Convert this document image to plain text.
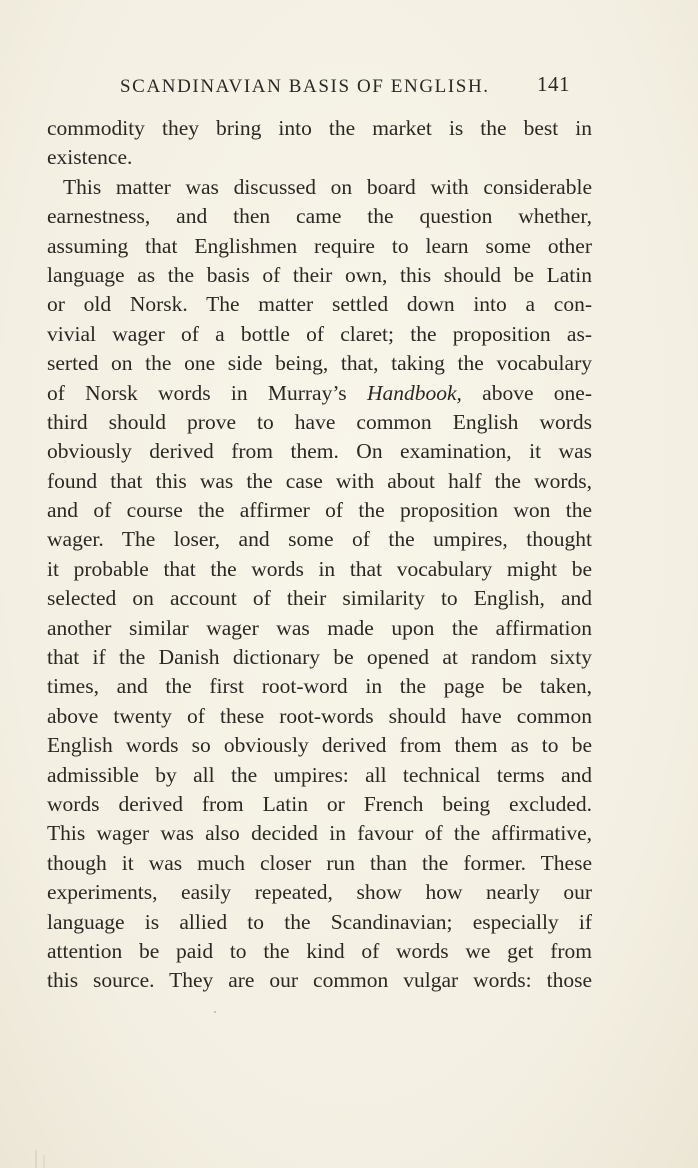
SCANDINAVIAN BASIS OF ENGLISH. 141
commodity they bring into the market is the best in
existence.
This matter was discussed on board with considerable
earnestness, and then came the question whether,
assuming that Englishmen require to learn some other
language as the basis of their own, this should be Latin
or old Norsk. The matter settled down into a con-
vivial wager of a bottle of claret; the proposition as-
serted on the one side being, that, taking the vocabulary
of Norsk words in Murray’s Handbook, above one-
third should prove to have common English words
obviously derived from them. On examination, it was
found that this was the case with about half the words,
and of course the affirmer of the proposition won the
wager. The loser, and some of the umpires, thought
it probable that the words in that vocabulary might be
selected on account of their similarity to English, and
another similar wager was made upon the affirmation
that if the Danish dictionary be opened at random sixty
times, and the first root-word in the page be taken,
above twenty of these root-words should have common
English words so obviously derived from them as to be
admissible by all the umpires: all technical terms and
words derived from Latin or French being excluded.
This wager was also decided in favour of the affirmative,
though it was much closer run than the former. These
experiments, easily repeated, show how nearly our
language is allied to the Scandinavian; especially if
attention be paid to the kind of words we get from
this source. They are our common vulgar words: those
